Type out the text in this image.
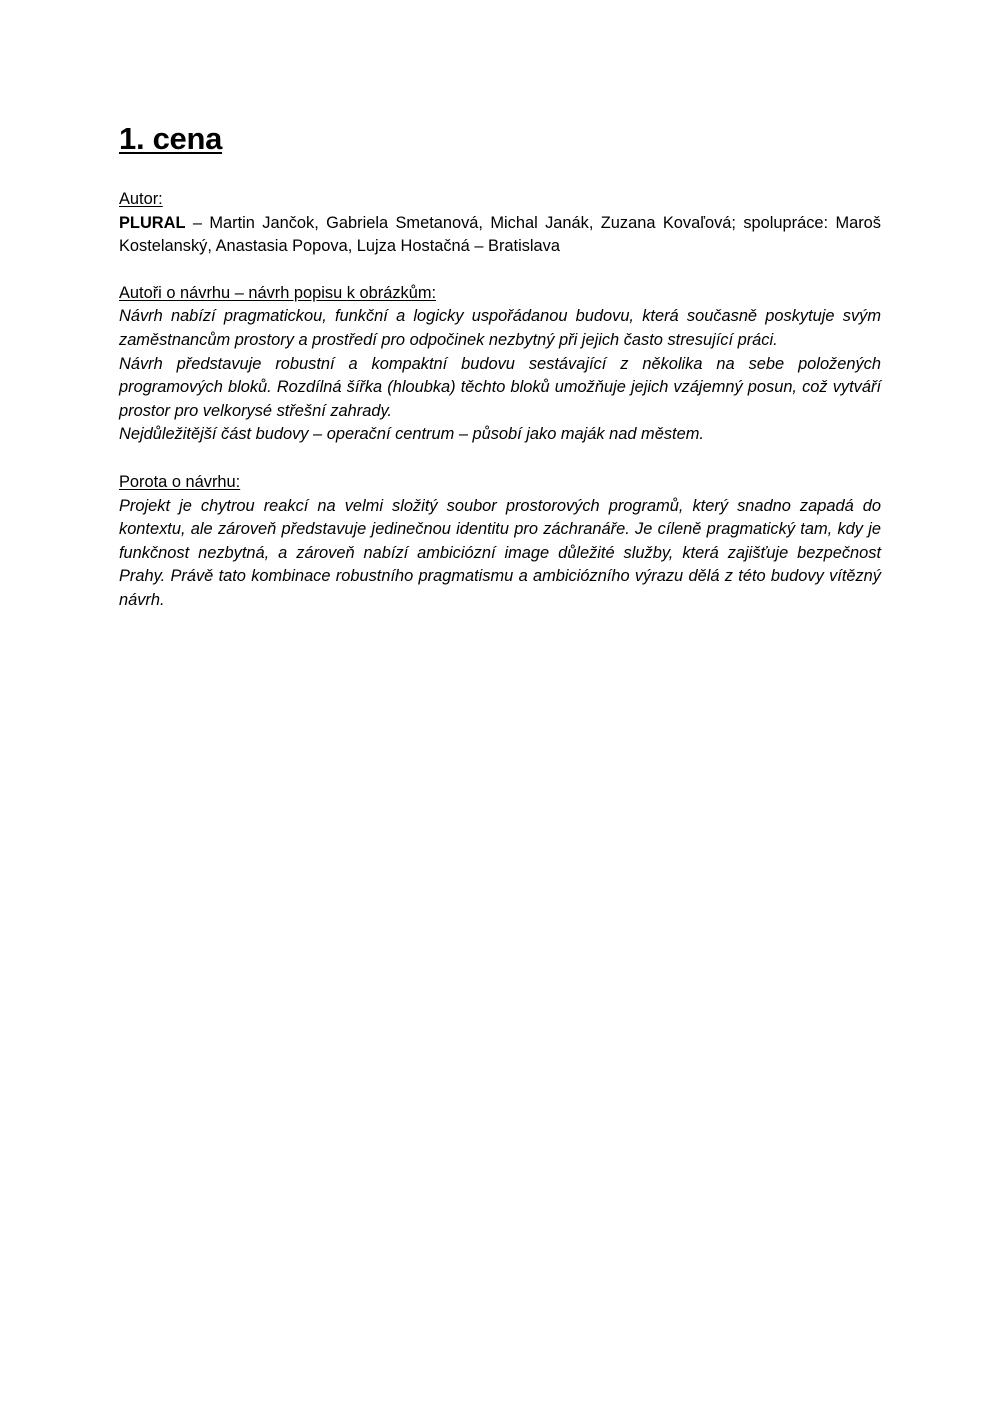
1. cena

Autor:

PLURAL – Martin Jančok, Gabriela Smetanová, Michal Janák, Zuzana Kovaľová; spolupráce: Maroš Kostelanský, Anastasia Popova, Lujza Hostačná – Bratislava

Autoři o návrhu – návrh popisu k obrázkům:

Návrh nabízí pragmatickou, funkční a logicky uspořádanou budovu, která současně poskytuje svým zaměstnancům prostory a prostředí pro odpočinek nezbytný při jejich často stresující práci.

Návrh představuje robustní a kompaktní budovu sestávající z několika na sebe položených programových bloků. Rozdílná šířka (hloubka) těchto bloků umožňuje jejich vzájemný posun, což vytváří prostor pro velkorysé střešní zahrady.

Nejdůležitější část budovy – operační centrum – působí jako maják nad městem.

Porota o návrhu:

Projekt je chytrou reakcí na velmi složitý soubor prostorových programů, který snadno zapadá do kontextu, ale zároveň představuje jedinečnou identitu pro záchranáře. Je cíleně pragmatický tam, kdy je funkčnost nezbytná, a zároveň nabízí ambiciózní image důležité služby, která zajišťuje bezpečnost Prahy. Právě tato kombinace robustního pragmatismu a ambiciózního výrazu dělá z této budovy vítězný návrh.
